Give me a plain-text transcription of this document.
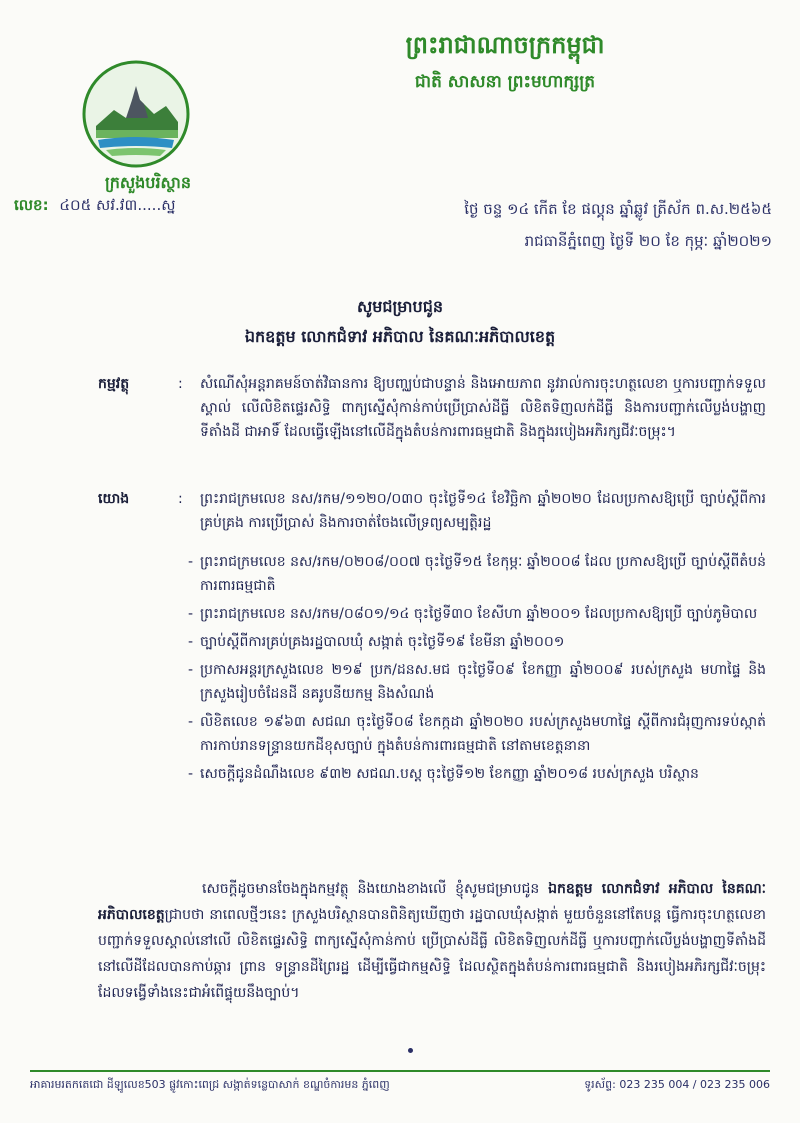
ព្រះរាជាណាចក្រកម្ពុជា
ជាតិ សាសនា ព្រះមហាក្សត្រ
ក្រសួងបរិស្ថាន
លេខ: ៤០៥ សវ.វ៣.....ស្ន	ថ្ងៃ ចន្ទ ១៤ កើត ខែ ផល្គុន ឆ្នាំឆ្លូវ ត្រីស័ក ព.ស.២៥៦៥
រាជធានីភ្នំពេញ ថ្ងៃទី ២០ ខែ កុម្ភៈ ឆ្នាំ២០២១
សូមជម្រាបជូន
ឯកឧត្តម លោកជំទាវ អភិបាល នៃគណៈអភិបាលខេត្ត
កម្មវត្ថុ	:	សំណើសុំអន្តរាគមន៍ចាត់វិធានការ ឱ្យបញ្ឈប់ជាបន្ទាន់ និងអោយភាព នូវរាល់ការចុះហត្ថលេខា ឬការបញ្ជាក់ទទួលស្គាល់ លើលិខិតផ្ទេរសិទ្ធិ ពាក្យស្នើសុំកាន់កាប់ប្រើប្រាស់ដីធ្លី លិខិតទិញលក់ដីធ្លី និងការបញ្ជាក់លើប្លង់បង្ហាញទីតាំងដី ជាអាទិ៍ ដែលធ្វើឡើងនៅលើដីក្នុងតំបន់ការពារធម្មជាតិ និងក្នុងរបៀងអភិរក្សជីវៈចម្រុះ។
យោង	:	ព្រះរាជក្រមលេខ នស/រកម/១១២០/០៣០ ចុះថ្ងៃទី១៤ ខែវិច្ឆិកា ឆ្នាំ២០២០ ដែលប្រកាសឱ្យប្រើ ច្បាប់ស្តីពីការគ្រប់គ្រង ការប្រើប្រាស់ និងការចាត់ចែងលើទ្រព្យសម្បត្តិរដ្ឋ
- ព្រះរាជក្រមលេខ នស/រកម/០២០៨/០០៧ ចុះថ្ងៃទី១៥ ខែកុម្ភៈ ឆ្នាំ២០០៨ ដែល ប្រកាសឱ្យប្រើ ច្បាប់ស្តីពីតំបន់ការពារធម្មជាតិ
- ព្រះរាជក្រមលេខ នស/រកម/០៨០១/១៤ ចុះថ្ងៃទី៣០ ខែសីហា ឆ្នាំ២០០១ ដែលប្រកាសឱ្យប្រើ ច្បាប់ភូមិបាល
- ច្បាប់ស្តីពីការគ្រប់គ្រងរដ្ឋបាលឃុំ សង្កាត់ ចុះថ្ងៃទី១៩ ខែមីនា ឆ្នាំ២០០១
- ប្រកាសអន្តរក្រសួងលេខ ២១៩ ប្រក/ដនស.មជ ចុះថ្ងៃទី០៩ ខែកញ្ញា ឆ្នាំ២០០៩ របស់ក្រសួង មហាផ្ទៃ និងក្រសួងរៀបចំដែនដី នគរូបនីយកម្ម និងសំណង់
- លិខិតលេខ ១៩៦៣ សជណ ចុះថ្ងៃទី០៨ ខែកក្កដា ឆ្នាំ២០២០ របស់ក្រសួងមហាផ្ទៃ ស្តីពីការជំរុញការទប់ស្កាត់ ការកាប់រានទន្ទ្រានយកដីខុសច្បាប់ ក្នុងតំបន់ការពារធម្មជាតិ នៅតាមខេត្តនានា
- សេចក្តីជូនដំណឹងលេខ ៩៣២ សជណ.បស្ត ចុះថ្ងៃទី១២ ខែកញ្ញា ឆ្នាំ២០១៨ របស់ក្រសួង បរិស្ថាន
សេចក្តីដូចមានចែងក្នុងកម្មវត្ថុ និងយោងខាងលើ ខ្ញុំសូមជម្រាបជូន ឯកឧត្តម លោកជំទាវ អភិបាល នៃគណៈអភិបាលខេត្តជ្រាបថា នាពេលថ្មីៗនេះ ក្រសួងបរិស្ថានបានពិនិត្យឃើញថា រដ្ឋបាលឃុំសង្កាត់ មួយចំនួននៅតែបន្ត ធ្វើការចុះហត្ថលេខា បញ្ជាក់ទទួលស្គាល់នៅលើ លិខិតផ្ទេរសិទ្ធិ ពាក្យស្នើសុំកាន់កាប់ ប្រើប្រាស់ដីធ្លី លិខិតទិញលក់ដីធ្លី ឬការបញ្ជាក់លើប្លង់បង្ហាញទីតាំងដី នៅលើដីដែលបានកាប់ឆ្ការ ព្រាន ទន្ទ្រានដីព្រៃរដ្ឋ ដើម្បីធ្វើជាកម្មសិទ្ធិ ដែលស្ថិតក្នុងតំបន់ការពារធម្មជាតិ និងរបៀងអភិរក្សជីវៈចម្រុះ ដែលទង្វើទាំងនេះជាអំពើផ្ទុយនឹងច្បាប់។
អាគារមរតកតេជោ ដីឡូលេខ503 ផ្លូវកោះពេជ្រ សង្កាត់ទន្លេបាសាក់ ខណ្ឌចំការមន ភ្នំពេញ	ទូរស័ព្ទ: 023 235 004 / 023 235 006
